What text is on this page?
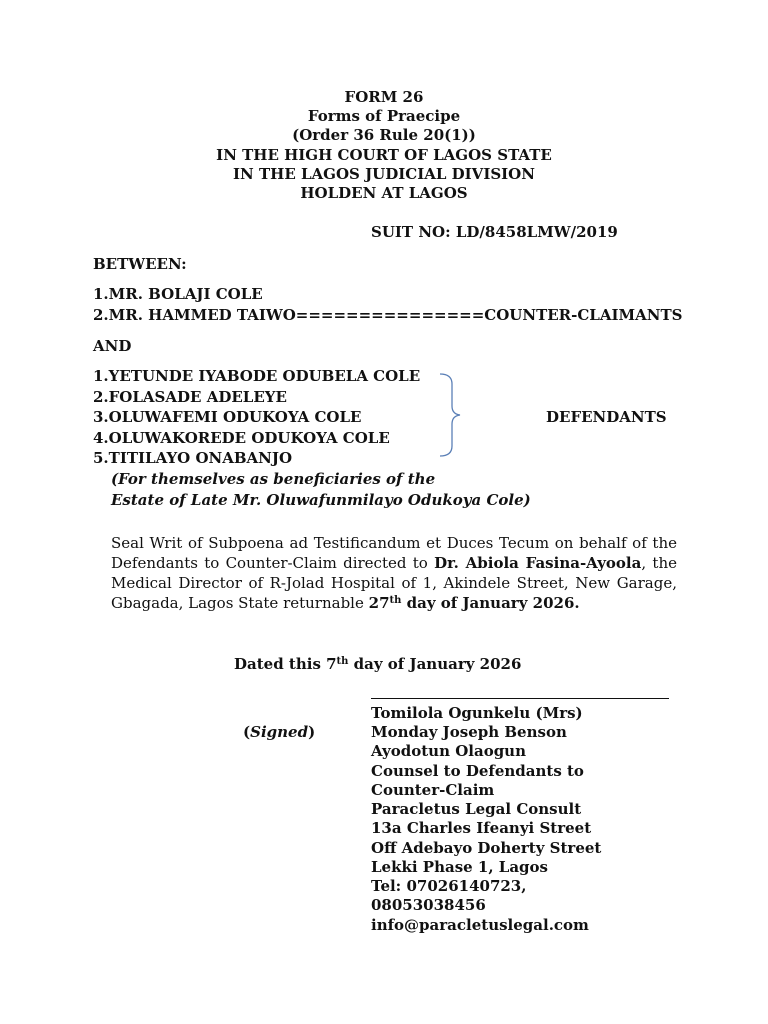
FORM 26
Forms of Praecipe
(Order 36 Rule 20(1))
IN THE HIGH COURT OF LAGOS STATE
IN THE LAGOS JUDICIAL DIVISION
HOLDEN AT LAGOS
SUIT NO: LD/8458LMW/2019
BETWEEN:
1.MR. BOLAJI COLE
2.MR. HAMMED TAIWO===============COUNTER-CLAIMANTS
AND
1.YETUNDE IYABODE ODUBELA COLE
2.FOLASADE ADELEYE
3.OLUWAFEMI ODUKOYA COLE
4.OLUWAKOREDE ODUKOYA COLE
5.TITILAYO ONABANJO
DEFENDANTS
(For themselves as beneficiaries of the
Estate of Late Mr. Oluwafunmilayo Odukoya Cole)
Seal Writ of Subpoena ad Testificandum et Duces Tecum on behalf of the Defendants to Counter-Claim directed to Dr. Abiola Fasina-Ayoola, the Medical Director of R-Jolad Hospital of 1, Akindele Street, New Garage, Gbagada, Lagos State returnable 27th day of January 2026.
Dated this 7th day of January 2026
(Signed)
Tomilola Ogunkelu (Mrs)
Monday Joseph Benson
Ayodotun Olaogun
Counsel to Defendants to
Counter-Claim
Paracletus Legal Consult
13a Charles Ifeanyi Street
Off Adebayo Doherty Street
Lekki Phase 1, Lagos
Tel: 07026140723,
08053038456
info@paracletuslegal.com
